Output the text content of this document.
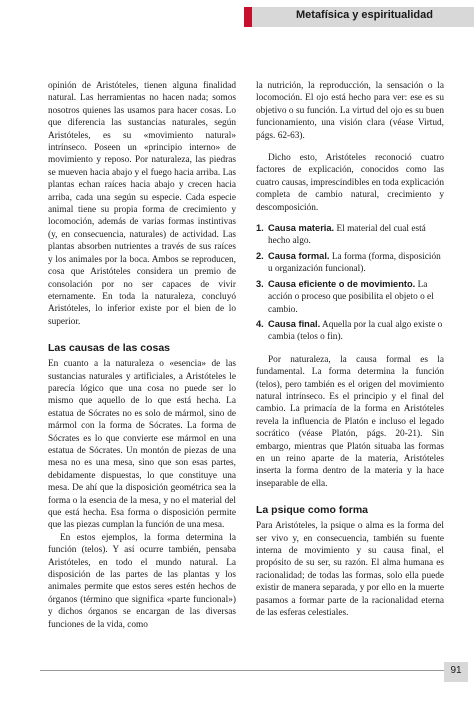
Metafísica y espiritualidad

opinión de Aristóteles, tienen alguna finalidad natural. Las herramientas no hacen nada; somos nosotros quienes las usamos para hacer cosas. Lo que diferencia las sustancias naturales, según Aristóteles, es su «movimiento natural» intrínseco. Poseen un «principio interno» de movimiento y reposo. Por naturaleza, las piedras se mueven hacia abajo y el fuego hacia arriba. Las plantas echan raíces hacia abajo y crecen hacia arriba, cada una según su especie. Cada especie animal tiene su propia forma de crecimiento y locomoción, además de varias formas instintivas (y, en consecuencia, naturales) de actividad. Las plantas absorben nutrientes a través de sus raíces y los animales por la boca. Ambos se reproducen, cosa que Aristóteles considera un premio de consolación por no ser capaces de vivir eternamente. En toda la naturaleza, concluyó Aristóteles, lo inferior existe por el bien de lo superior.

Las causas de las cosas

En cuanto a la naturaleza o «esencia» de las sustancias naturales y artificiales, a Aristóteles le parecía lógico que una cosa no puede ser lo mismo que aquello de lo que está hecha. La estatua de Sócrates no es solo de mármol, sino de mármol con la forma de Sócrates. La forma de Sócrates es lo que convierte ese mármol en una estatua de Sócrates. Un montón de piezas de una mesa no es una mesa, sino que son esas partes, debidamente dispuestas, lo que constituye una mesa. De ahí que la disposición geométrica sea la forma o la esencia de la mesa, y no el material del que está hecha. Esa forma o disposición permite que las piezas cumplan la función de una mesa.

En estos ejemplos, la forma determina la función (telos). Y así ocurre también, pensaba Aristóteles, en todo el mundo natural. La disposición de las partes de las plantas y los animales permite que estos seres estén hechos de órganos (término que significa «parte funcional») y dichos órganos se encargan de las diversas funciones de la vida, como

la nutrición, la reproducción, la sensación o la locomoción. El ojo está hecho para ver: ese es su objetivo o su función. La virtud del ojo es su buen funcionamiento, una visión clara (véase Virtud, págs. 62-63).

Dicho esto, Aristóteles reconoció cuatro factores de explicación, conocidos como las cuatro causas, imprescindibles en toda explicación completa de cambio natural, crecimiento y descomposición.

1. Causa materia. El material del cual está hecho algo.
2. Causa formal. La forma (forma, disposición u organización funcional).
3. Causa eficiente o de movimiento. La acción o proceso que posibilita el objeto o el cambio.
4. Causa final. Aquella por la cual algo existe o cambia (telos o fin).

Por naturaleza, la causa formal es la fundamental. La forma determina la función (telos), pero también es el origen del movimiento natural intrínseco. Es el principio y el final del cambio. La primacía de la forma en Aristóteles revela la influencia de Platón e incluso el legado socrático (véase Platón, págs. 20-21). Sin embargo, mientras que Platón situaba las formas en un reino aparte de la materia, Aristóteles inserta la forma dentro de la materia y la hace inseparable de ella.

La psique como forma

Para Aristóteles, la psique o alma es la forma del ser vivo y, en consecuencia, también su fuente interna de movimiento y su causa final, el propósito de su ser, su razón. El alma humana es racionalidad; de todas las formas, solo ella puede existir de manera separada, y por ello en la muerte pasamos a formar parte de la racionalidad eterna de las esferas celestiales.

91
